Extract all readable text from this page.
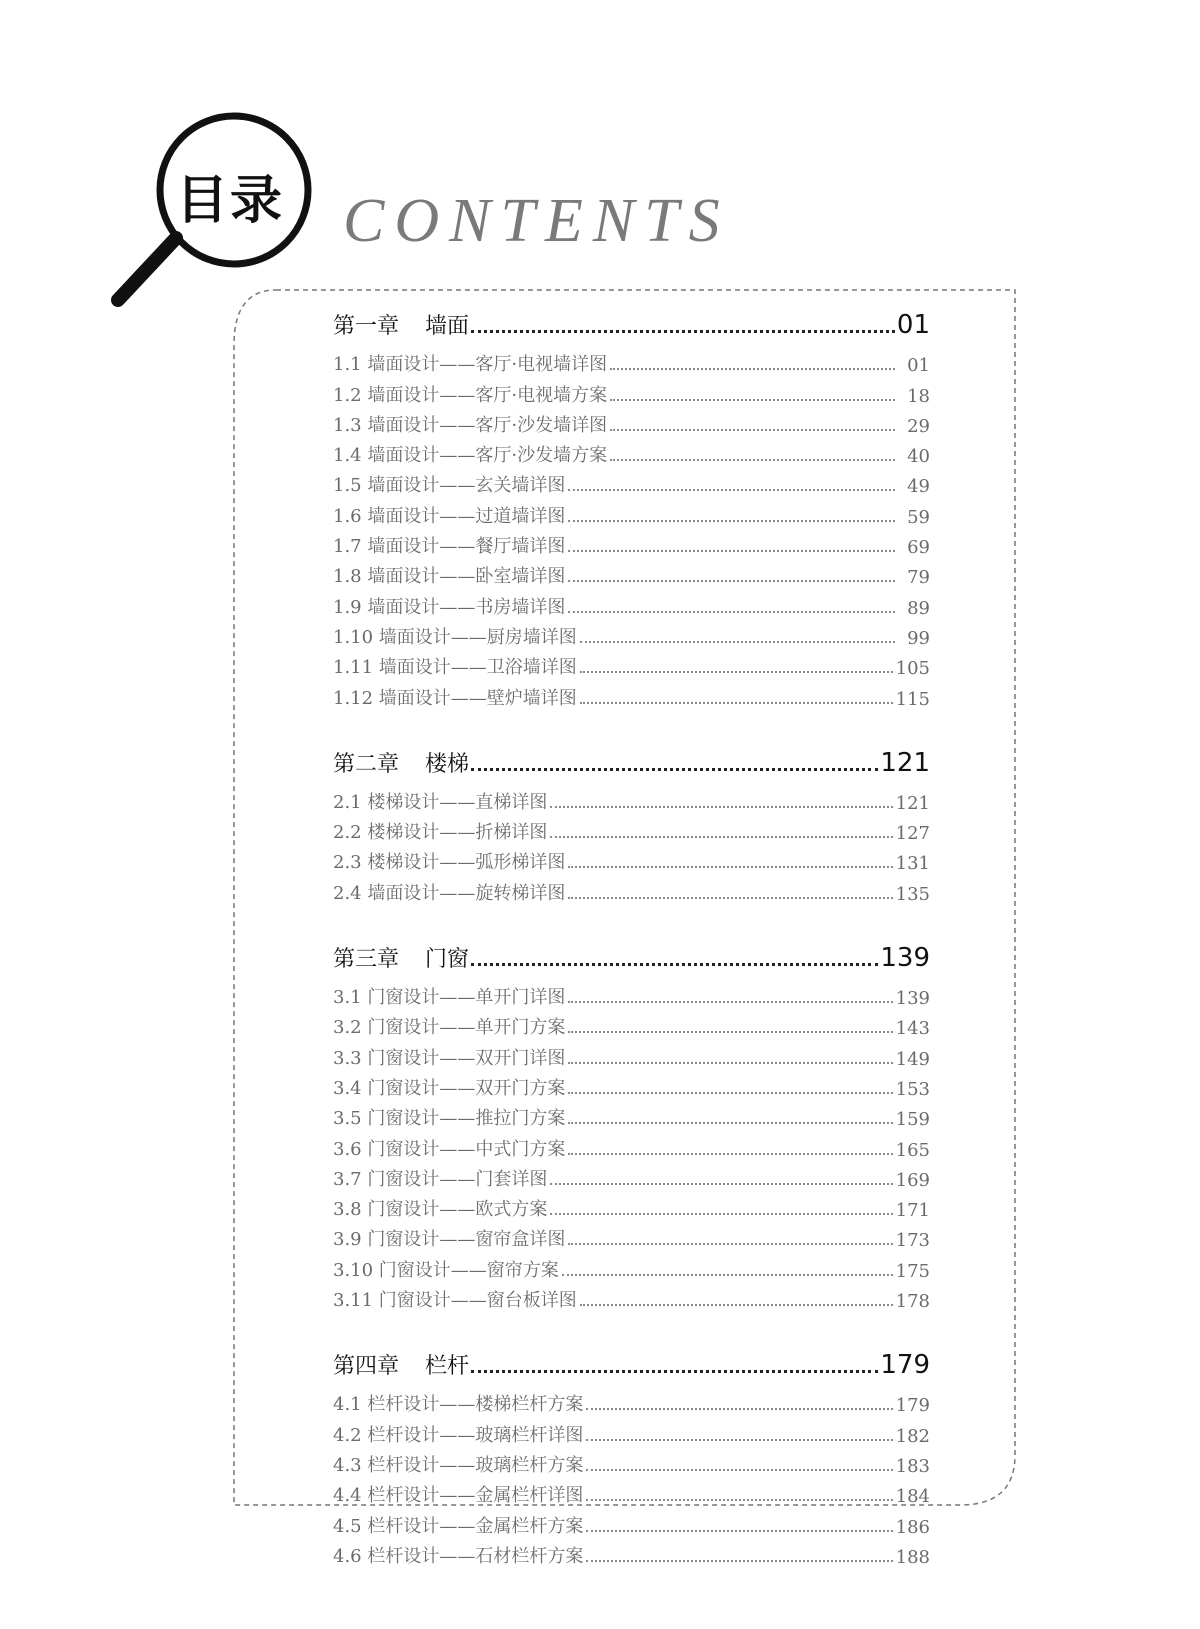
目录 CONTENTS
第一章 墙面	01
1.1 墙面设计——客厅·电视墙详图	01
1.2 墙面设计——客厅·电视墙方案	18
1.3 墙面设计——客厅·沙发墙详图	29
1.4 墙面设计——客厅·沙发墙方案	40
1.5 墙面设计——玄关墙详图	49
1.6 墙面设计——过道墙详图	59
1.7 墙面设计——餐厅墙详图	69
1.8 墙面设计——卧室墙详图	79
1.9 墙面设计——书房墙详图	89
1.10 墙面设计——厨房墙详图	99
1.11 墙面设计——卫浴墙详图	105
1.12 墙面设计——壁炉墙详图	115
第二章 楼梯	121
2.1 楼梯设计——直梯详图	121
2.2 楼梯设计——折梯详图	127
2.3 楼梯设计——弧形梯详图	131
2.4 墙面设计——旋转梯详图	135
第三章 门窗	139
3.1 门窗设计——单开门详图	139
3.2 门窗设计——单开门方案	143
3.3 门窗设计——双开门详图	149
3.4 门窗设计——双开门方案	153
3.5 门窗设计——推拉门方案	159
3.6 门窗设计——中式门方案	165
3.7 门窗设计——门套详图	169
3.8 门窗设计——欧式方案	171
3.9 门窗设计——窗帘盒详图	173
3.10 门窗设计——窗帘方案	175
3.11 门窗设计——窗台板详图	178
第四章 栏杆	179
4.1 栏杆设计——楼梯栏杆方案	179
4.2 栏杆设计——玻璃栏杆详图	182
4.3 栏杆设计——玻璃栏杆方案	183
4.4 栏杆设计——金属栏杆详图	184
4.5 栏杆设计——金属栏杆方案	186
4.6 栏杆设计——石材栏杆方案	188
